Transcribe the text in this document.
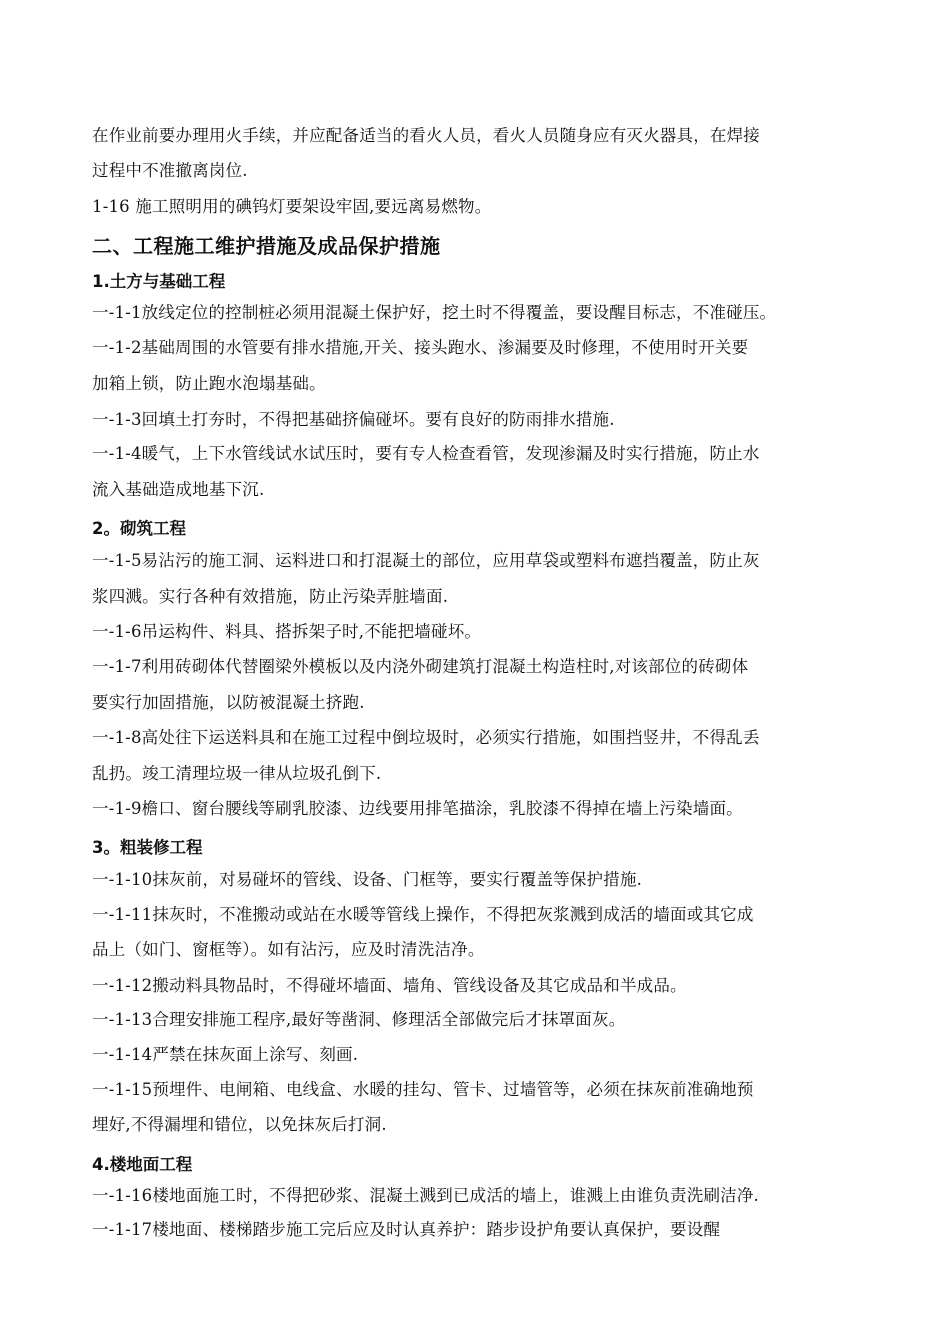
在作业前要办理用火手续，并应配备适当的看火人员，看火人员随身应有灭火器具，在焊接
过程中不准撤离岗位.
1-16 施工照明用的碘钨灯要架设牢固,要远离易燃物。
二、工程施工维护措施及成品保护措施
1.土方与基础工程
一-1-1放线定位的控制桩必须用混凝土保护好，挖土时不得覆盖，要设醒目标志，不准碰压。
一-1-2基础周围的水管要有排水措施,开关、接头跑水、渗漏要及时修理，不使用时开关要
加箱上锁，防止跑水泡塌基础。
一-1-3回填土打夯时，不得把基础挤偏碰坏。要有良好的防雨排水措施.
一-1-4暖气，上下水管线试水试压时，要有专人检查看管，发现渗漏及时实行措施，防止水
流入基础造成地基下沉.
2。砌筑工程
一-1-5易沾污的施工洞、运料进口和打混凝土的部位，应用草袋或塑料布遮挡覆盖，防止灰
浆四溅。实行各种有效措施，防止污染弄脏墙面.
一-1-6吊运构件、料具、搭拆架子时,不能把墙碰坏。
一-1-7利用砖砌体代替圈梁外模板以及内浇外砌建筑打混凝土构造柱时,对该部位的砖砌体
要实行加固措施，以防被混凝土挤跑.
一-1-8高处往下运送料具和在施工过程中倒垃圾时，必须实行措施，如围挡竖井，不得乱丢
乱扔。竣工清理垃圾一律从垃圾孔倒下.
一-1-9檐口、窗台腰线等刷乳胶漆、边线要用排笔描涂，乳胶漆不得掉在墙上污染墙面。
3。粗装修工程
一-1-10抹灰前，对易碰坏的管线、设备、门框等，要实行覆盖等保护措施.
一-1-11抹灰时，不准搬动或站在水暖等管线上操作，不得把灰浆溅到成活的墙面或其它成
品上（如门、窗框等）。如有沾污，应及时清洗洁净。
一-1-12搬动料具物品时，不得碰坏墙面、墙角、管线设备及其它成品和半成品。
一-1-13合理安排施工程序,最好等凿洞、修理活全部做完后才抹罩面灰。
一-1-14严禁在抹灰面上涂写、刻画.
一-1-15预埋件、电闸箱、电线盒、水暖的挂勾、管卡、过墙管等，必须在抹灰前准确地预
埋好,不得漏埋和错位，以免抹灰后打洞.
4.楼地面工程
一-1-16楼地面施工时，不得把砂浆、混凝土溅到已成活的墙上，谁溅上由谁负责洗刷洁净.
一-1-17楼地面、楼梯踏步施工完后应及时认真养护：踏步设护角要认真保护，要设醒
